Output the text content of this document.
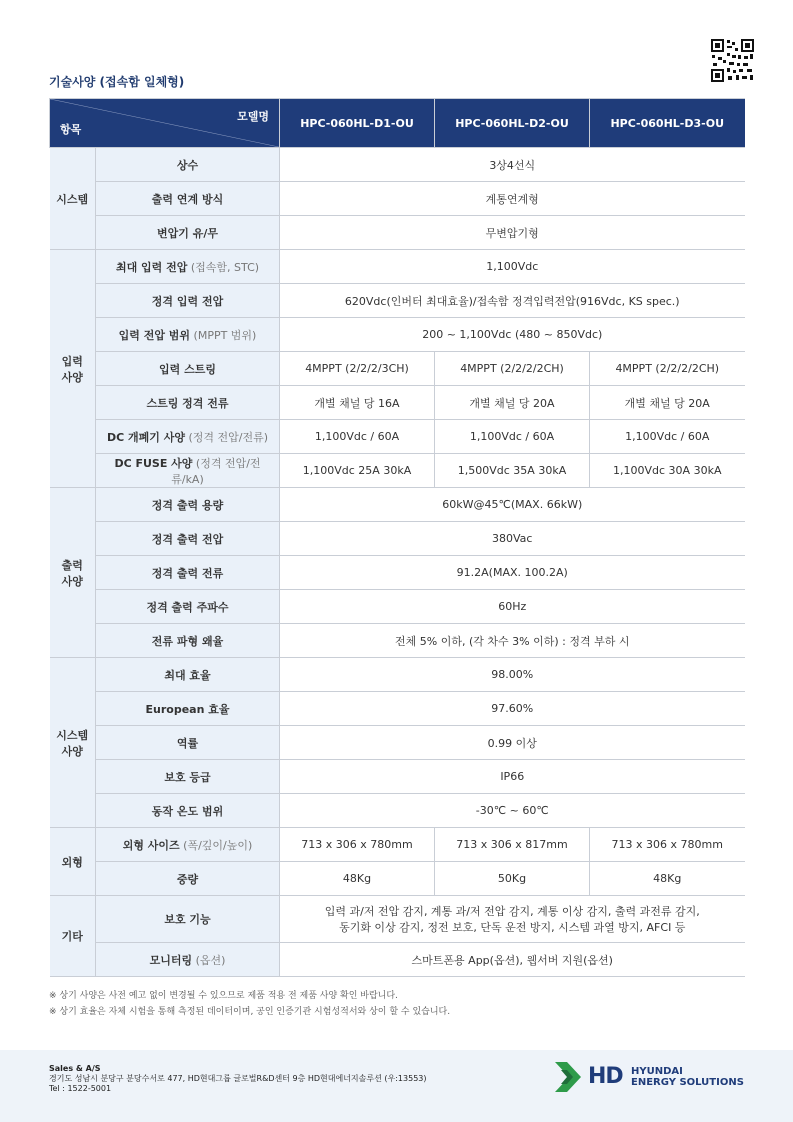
기술사양 (접속함 일체형)
모델명
항목		HPC-060HL-D1-OU	HPC-060HL-D2-OU	HPC-060HL-D3-OU
시스템	상수	3상4선식		
	출력 연계 방식	계통연계형		
	변압기 유/무	무변압기형		
입력
사양	최대 입력 전압 (접속함, STC)	1,100Vdc		
	정격 입력 전압	620Vdc(인버터 최대효율)/접속함 정격입력전압(916Vdc, KS spec.)		
	입력 전압 범위 (MPPT 범위)	200 ~ 1,100Vdc (480 ~ 850Vdc)		
	입력 스트링	4MPPT (2/2/2/3CH)	4MPPT (2/2/2/2CH)	4MPPT (2/2/2/2CH)
	스트링 정격 전류	개별 채널 당 16A	개별 채널 당 20A	개별 채널 당 20A
	DC 개폐기 사양 (정격 전압/전류)	1,100Vdc / 60A	1,100Vdc / 60A	1,100Vdc / 60A
	DC FUSE 사양 (정격 전압/전류/kA)	1,100Vdc 25A 30kA	1,500Vdc 35A 30kA	1,100Vdc 30A 30kA
출력
사양	정격 출력 용량	60kW@45℃(MAX. 66kW)		
	정격 출력 전압	380Vac		
	정격 출력 전류	91.2A(MAX. 100.2A)		
	정격 출력 주파수	60Hz		
	전류 파형 왜율	전체 5% 이하, (각 차수 3% 이하) : 정격 부하 시		
시스템
사양	최대 효율	98.00%		
	European 효율	97.60%		
	역률	0.99 이상		
	보호 등급	IP66		
	동작 온도 범위	-30℃ ~ 60℃		
외형	외형 사이즈 (폭/깊이/높이)	713 x 306 x 780mm	713 x 306 x 817mm	713 x 306 x 780mm
	중량	48Kg	50Kg	48Kg
기타	보호 기능	입력 과/저 전압 감지, 계통 과/저 전압 감지, 계통 이상 감지, 출력 과전류 감지,
동기화 이상 감지, 정전 보호, 단독 운전 방지, 시스템 과열 방지, AFCI 등		
	모니터링 (옵션)	스마트폰용 App(옵션), 웹서버 지원(옵션)		
※ 상기 사양은 사전 예고 없이 변경될 수 있으므로 제품 적용 전 제품 사양 확인 바랍니다.
※ 상기 효율은 자체 시험을 통해 측정된 데이터이며, 공인 인증기관 시험성적서와 상이 할 수 있습니다.
Sales & A/S
경기도 성남시 분당구 분당수서로 477, HD현대그룹 글로벌R&D센터 9층 HD현대에너지솔루션 (우:13553)
Tel : 1522-5001	HD HYUNDAI
ENERGY SOLUTIONS
